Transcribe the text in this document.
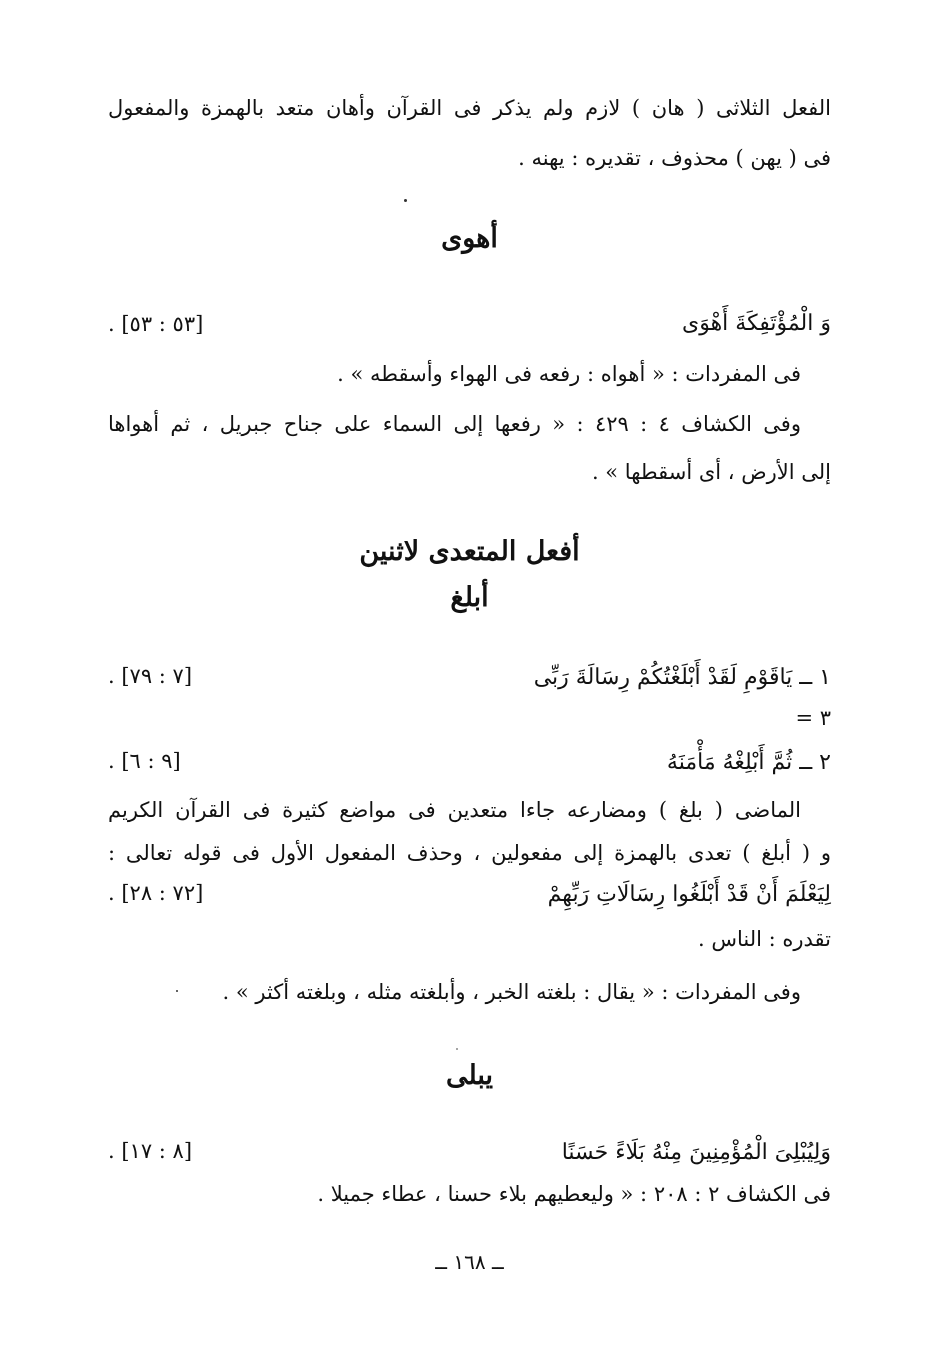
الفعل الثلاثى ( هان ) لازم ولم يذكر فى القرآن وأهان متعد بالهمزة والمفعول
فى ( يهن ) محذوف ، تقديره : يهنه .
أهوى
وَ الْمُؤْتَفِكَةَ أَهْوَى
[٥٣ : ٥٣] .
فى المفردات : « أهواه : رفعه فى الهواء وأسقطه » .
وفى الكشاف ٤ : ٤٢٩ : « رفعها إلى السماء على جناح جبريل ، ثم أهواها
إلى الأرض ، أى أسقطها » .
أفعل المتعدى لاثنين
أبلغ
١ ــ يَاقَوْمِ لَقَدْ أَبْلَغْتُكُمْ رِسَالَةَ رَبِّى
[٧ : ٧٩] .
٣ =
٢ ــ ثُمَّ أَبْلِغْهُ مَأْمَنَهُ
[٩ : ٦] .
الماضى ( بلغ ) ومضارعه جاءا متعدين فى مواضع كثيرة فى القرآن الكريم
و ( أبلغ ) تعدى بالهمزة إلى مفعولين ، وحذف المفعول الأول فى قوله تعالى :
لِيَعْلَمَ أَنْ قَدْ أَبْلَغُوا رِسَالَاتِ رَبِّهِمْ
[٧٢ : ٢٨] .
تقدره : الناس .
وفى المفردات : « يقال : بلغته الخبر ، وأبلغته مثله ، وبلغته أكثر » .
يبلى
وَلِيُبْلِىَ الْمُؤْمِنِينَ مِنْهُ بَلَاءً حَسَنًا
[٨ : ١٧] .
فى الكشاف ٢ : ٢٠٨ : « وليعطيهم بلاء حسنا ، عطاء جميلا .
ــ ١٦٨ ــ
